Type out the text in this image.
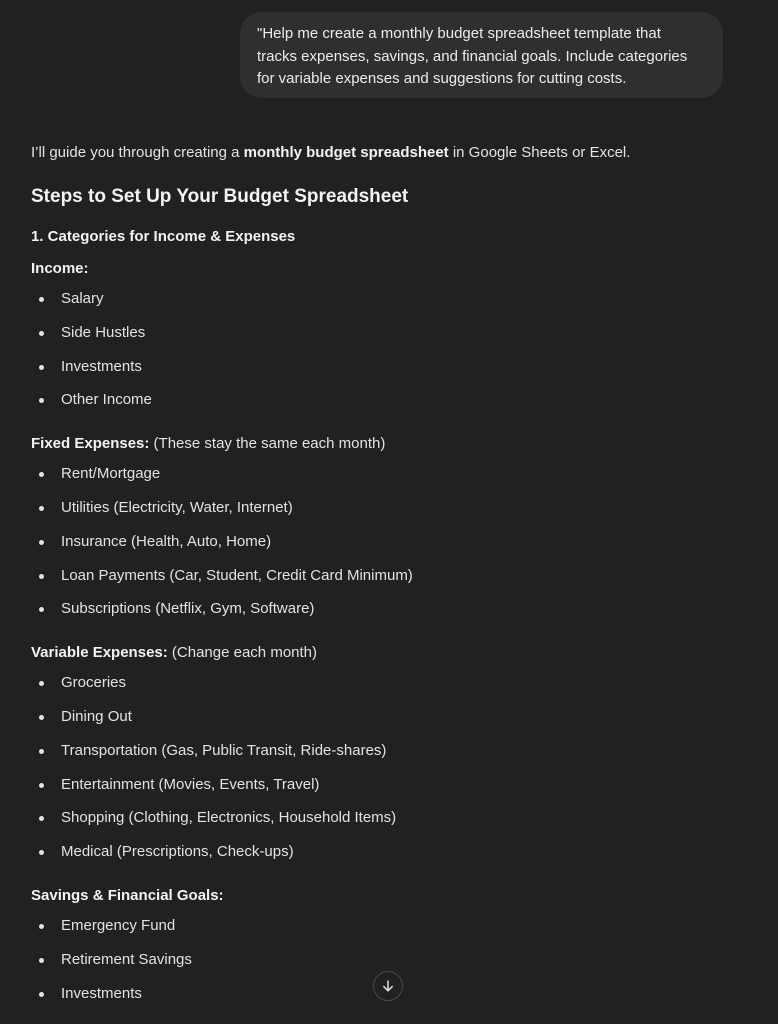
"Help me create a monthly budget spreadsheet template that tracks expenses, savings, and financial goals. Include categories for variable expenses and suggestions for cutting costs.

I’ll guide you through creating a monthly budget spreadsheet in Google Sheets or Excel.

Steps to Set Up Your Budget Spreadsheet
1. Categories for Income & Expenses
Income:
Salary
Side Hustles
Investments
Other Income
Fixed Expenses: (These stay the same each month)
Rent/Mortgage
Utilities (Electricity, Water, Internet)
Insurance (Health, Auto, Home)
Loan Payments (Car, Student, Credit Card Minimum)
Subscriptions (Netflix, Gym, Software)
Variable Expenses: (Change each month)
Groceries
Dining Out
Transportation (Gas, Public Transit, Ride-shares)
Entertainment (Movies, Events, Travel)
Shopping (Clothing, Electronics, Household Items)
Medical (Prescriptions, Check-ups)
Savings & Financial Goals:
Emergency Fund
Retirement Savings
Investments
